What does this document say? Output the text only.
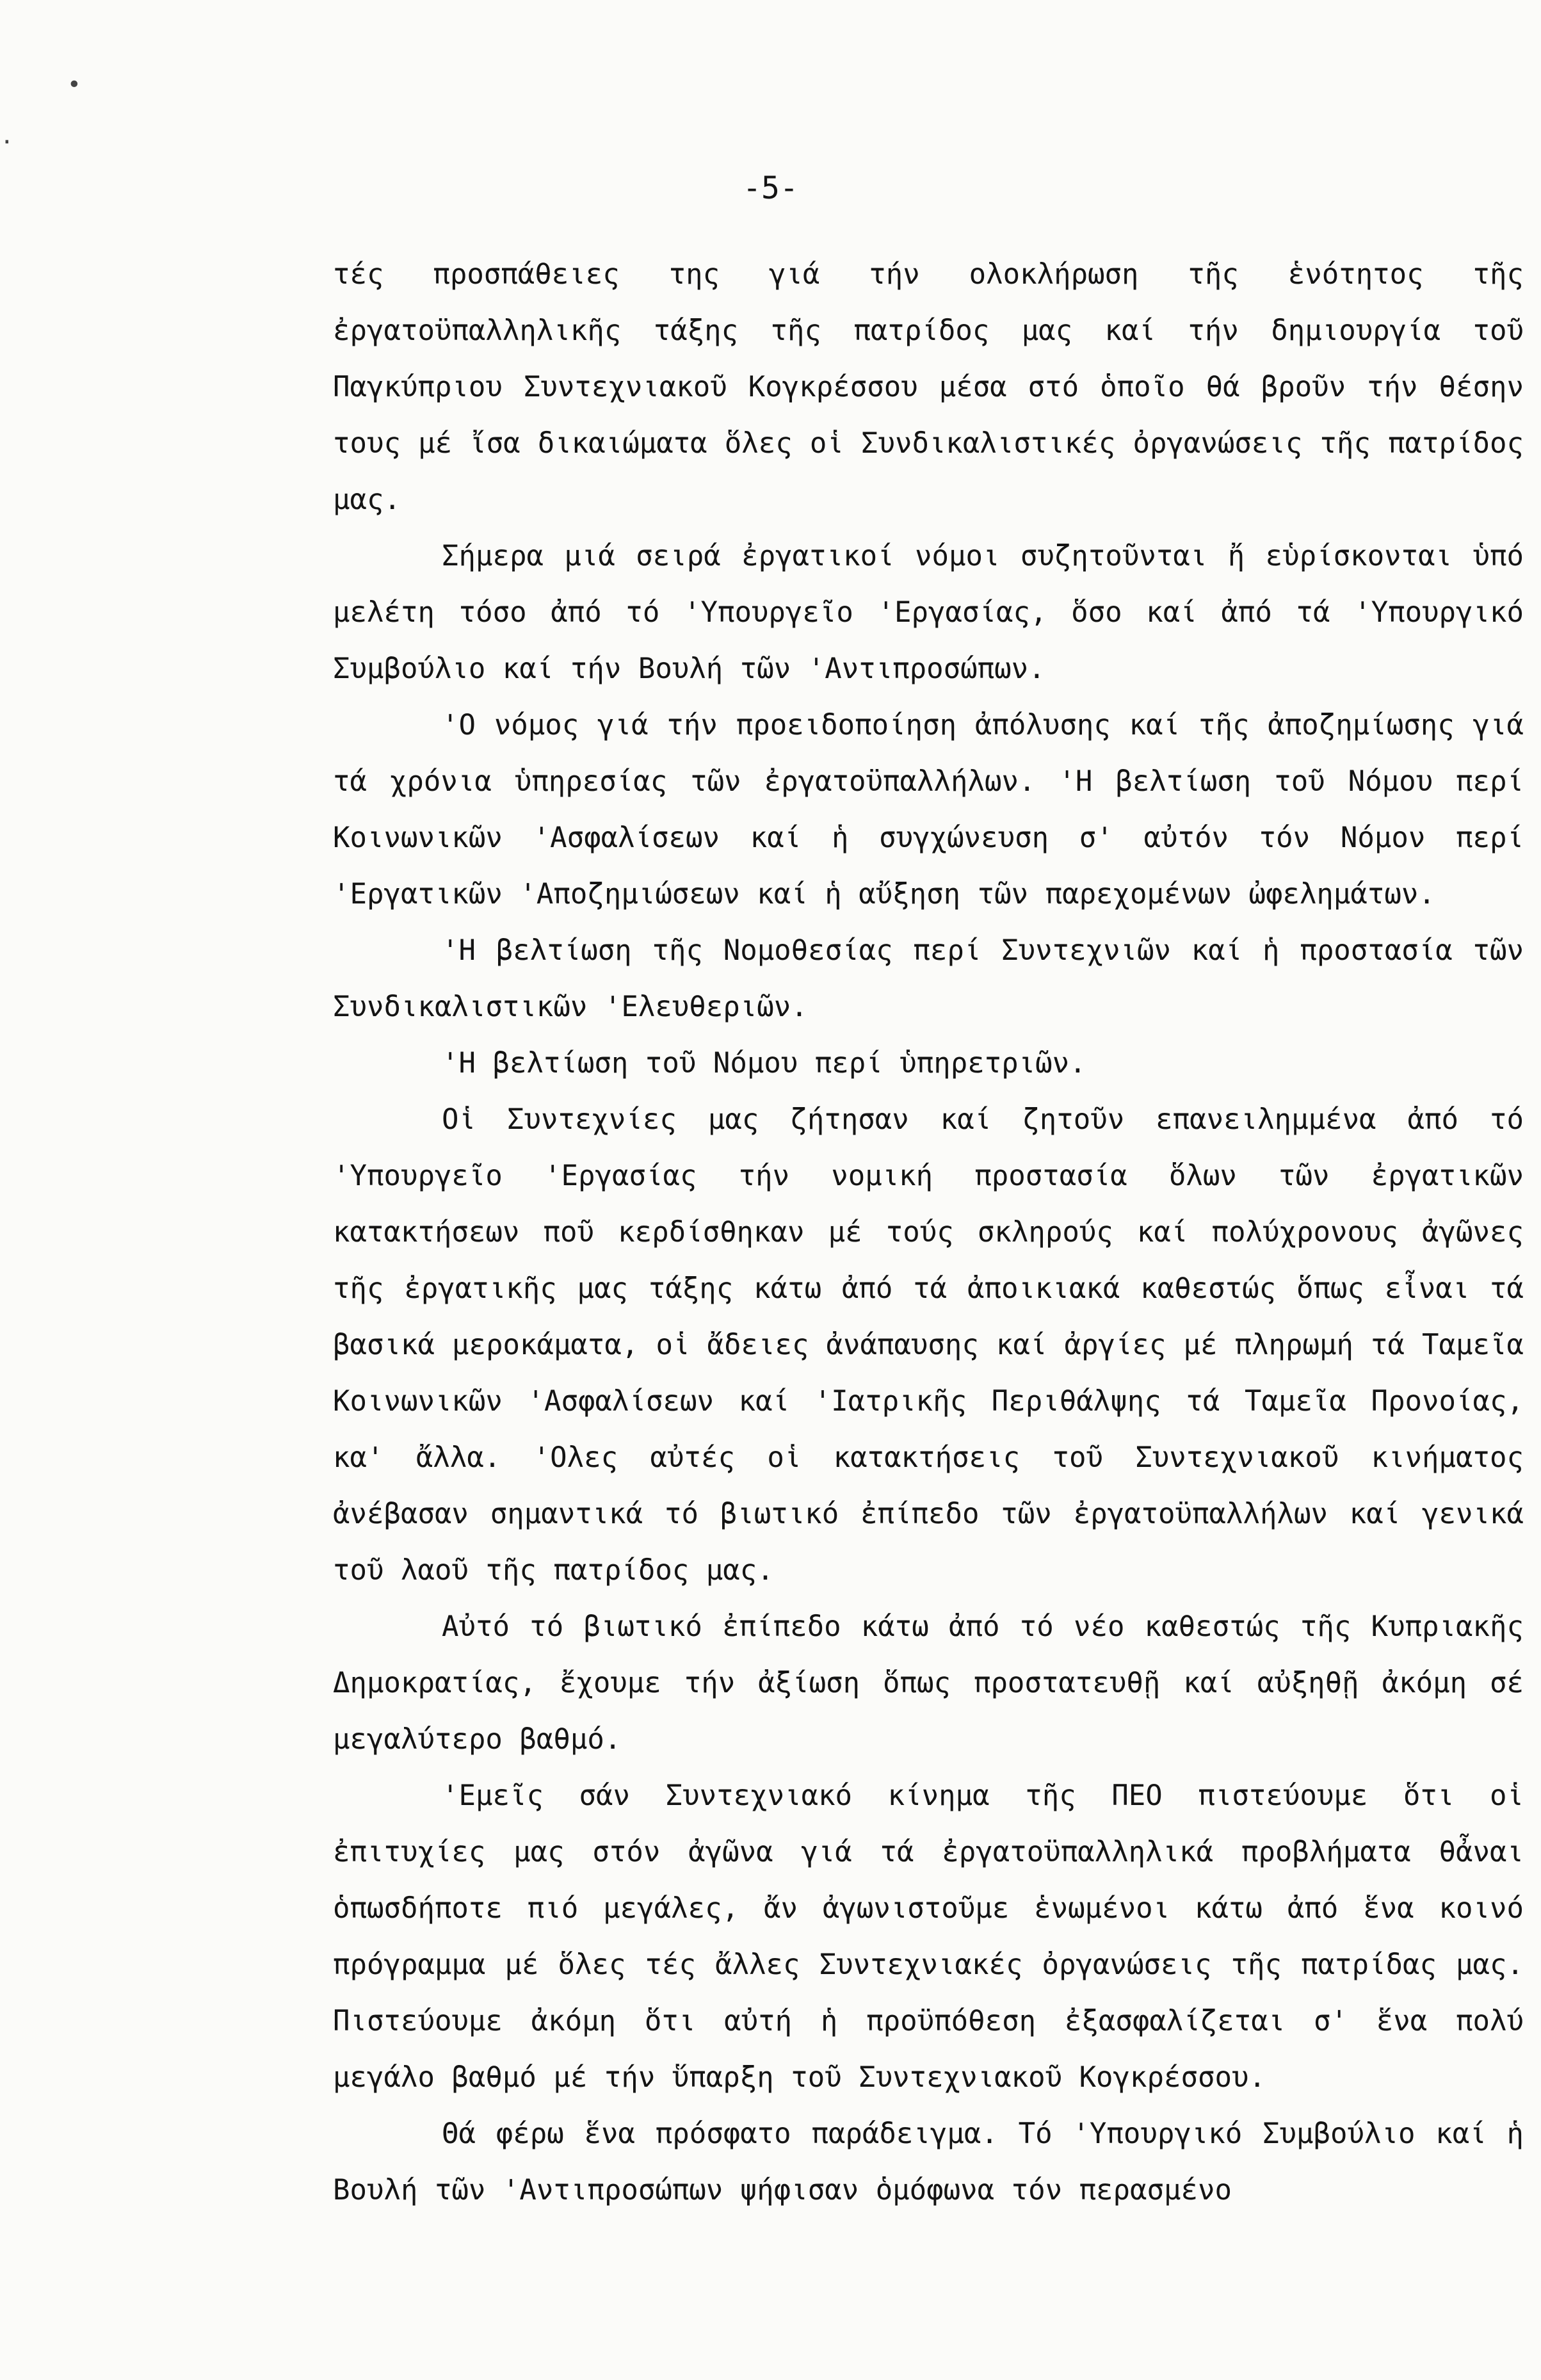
•
·
-5-

τές προσπάθειες της γιά τήν ολοκλήρωση τῆς ἑνότητος τῆς ἐργατοϋπαλληλικῆς τάξης τῆς πατρίδος μας καί τήν δημιουργία τοῦ Παγκύπριου Συντεχνιακοῦ Κογκρέσσου μέσα στό ὁποῖο θά βροῦν τήν θέσην τους μέ ἴσα δικαιώματα ὅλες οἱ Συνδικαλιστικές ὀργανώσεις τῆς πατρίδος μας.

Σήμερα μιά σειρά ἐργατικοί νόμοι συζητοῦνται ἤ εὑρίσκονται ὑπό μελέτη τόσο ἀπό τό 'Υπουργεῖο 'Εργασίας, ὅσο καί ἀπό τά 'Υπουργικό Συμβούλιο καί τήν Βουλή τῶν 'Αντιπροσώπων.

'Ο νόμος γιά τήν προειδοποίηση ἀπόλυσης καί τῆς ἀποζημίωσης γιά τά χρόνια ὑπηρεσίας τῶν ἐργατοϋπαλλήλων. 'Η βελτίωση τοῦ Νόμου περί Κοινωνικῶν 'Ασφαλίσεων καί ἡ συγχώνευση σ' αὐτόν τόν Νόμον περί 'Εργατικῶν 'Αποζημιώσεων καί ἡ αὔξηση τῶν παρεχομένων ὠφελημάτων.

'Η βελτίωση τῆς Νομοθεσίας περί Συντεχνιῶν καί ἡ προστασία τῶν Συνδικαλιστικῶν 'Ελευθεριῶν.

'Η βελτίωση τοῦ Νόμου περί ὑπηρετριῶν.

Οἱ Συντεχνίες μας ζήτησαν καί ζητοῦν επανειλημμένα ἀπό τό 'Υπουργεῖο 'Εργασίας τήν νομική προστασία ὅλων τῶν ἐργατικῶν κατακτήσεων ποῦ κερδίσθηκαν μέ τούς σκληρούς καί πολύχρονους ἀγῶνες τῆς ἐργατικῆς μας τάξης κάτω ἀπό τά ἀποικιακά καθεστώς ὅπως εἶναι τά βασικά μεροκάματα, οἱ ἄδειες ἀνάπαυσης καί ἀργίες μέ πληρωμή τά Ταμεῖα Κοινωνικῶν 'Ασφαλίσεων καί 'Ιατρικῆς Περιθάλψης τά Ταμεῖα Προνοίας, κα' ἄλλα. 'Ολες αὐτές οἱ κατακτήσεις τοῦ Συντεχνιακοῦ κινήματος ἀνέβασαν σημαντικά τό βιωτικό ἐπίπεδο τῶν ἐργατοϋπαλλήλων καί γενικά τοῦ λαοῦ τῆς πατρίδος μας.

Αὐτό τό βιωτικό ἐπίπεδο κάτω ἀπό τό νέο καθεστώς τῆς Κυπριακῆς Δημοκρατίας, ἔχουμε τήν ἀξίωση ὅπως προστατευθῇ καί αὐξηθῇ ἀκόμη σέ μεγαλύτερο βαθμό.

'Εμεῖς σάν Συντεχνιακό κίνημα τῆς ΠΕΟ πιστεύουμε ὅτι οἱ ἐπιτυχίες μας στόν ἀγῶνα γιά τά ἐργατοϋπαλληλικά προβλήματα θἆναι ὁπωσδήποτε πιό μεγάλες, ἄν ἀγωνιστοῦμε ἑνωμένοι κάτω ἀπό ἕνα κοινό πρόγραμμα μέ ὅλες τές ἄλλες Συντεχνιακές ὀργανώσεις τῆς πατρίδας μας. Πιστεύουμε ἀκόμη ὅτι αὐτή ἡ προϋπόθεση ἐξασφαλίζεται σ' ἕνα πολύ μεγάλο βαθμό μέ τήν ὕπαρξη τοῦ Συντεχνιακοῦ Κογκρέσσου.

Θά φέρω ἕνα πρόσφατο παράδειγμα. Τό 'Υπουργικό Συμβούλιο καί ἡ Βουλή τῶν 'Αντιπροσώπων ψήφισαν ὁμόφωνα τόν περασμένο
